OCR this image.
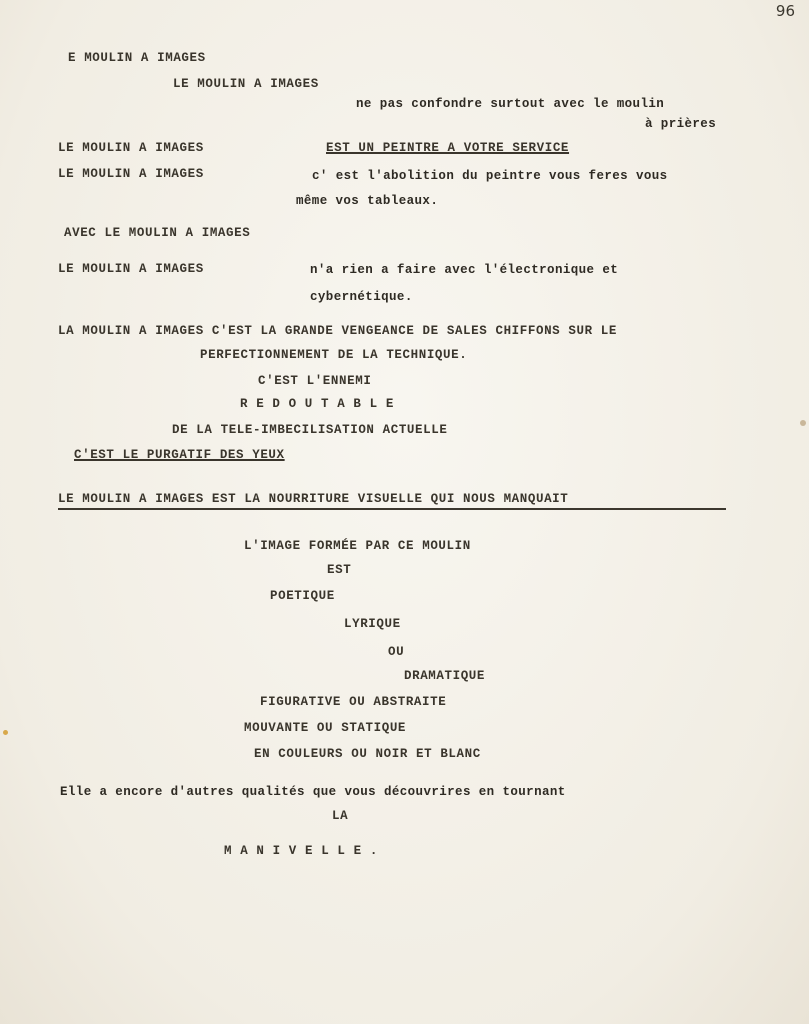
96
E MOULIN A IMAGES
LE MOULIN A IMAGES
ne pas confondre surtout avec le moulin
à prières
LE MOULIN A IMAGES	EST UN PEINTRE A VOTRE SERVICE
LE MOULIN A IMAGES	c' est l'abolition du peintre vous feres vous
même vos tableaux.
AVEC LE MOULIN A IMAGES
LE MOULIN A IMAGES	n'a rien a faire avec l'électronique et
cybernétique.
LA MOULIN A IMAGES C'EST LA GRANDE VENGEANCE DE SALES CHIFFONS SUR LE
PERFECTIONNEMENT DE LA TECHNIQUE.
C'EST L'ENNEMI
R E D O U T A B L E
DE LA TELE-IMBECILISATION ACTUELLE
C'EST LE PURGATIF DES YEUX
LE MOULIN A IMAGES EST LA NOURRITURE VISUELLE QUI NOUS MANQUAIT
L'IMAGE FORMÉE PAR CE MOULIN
EST
POETIQUE
LYRIQUE
OU
DRAMATIQUE
FIGURATIVE OU ABSTRAITE
MOUVANTE OU STATIQUE
EN COULEURS OU NOIR ET BLANC
Elle a encore d'autres qualités que vous découvrires en tournant
LA
M A N I V E L L E .
